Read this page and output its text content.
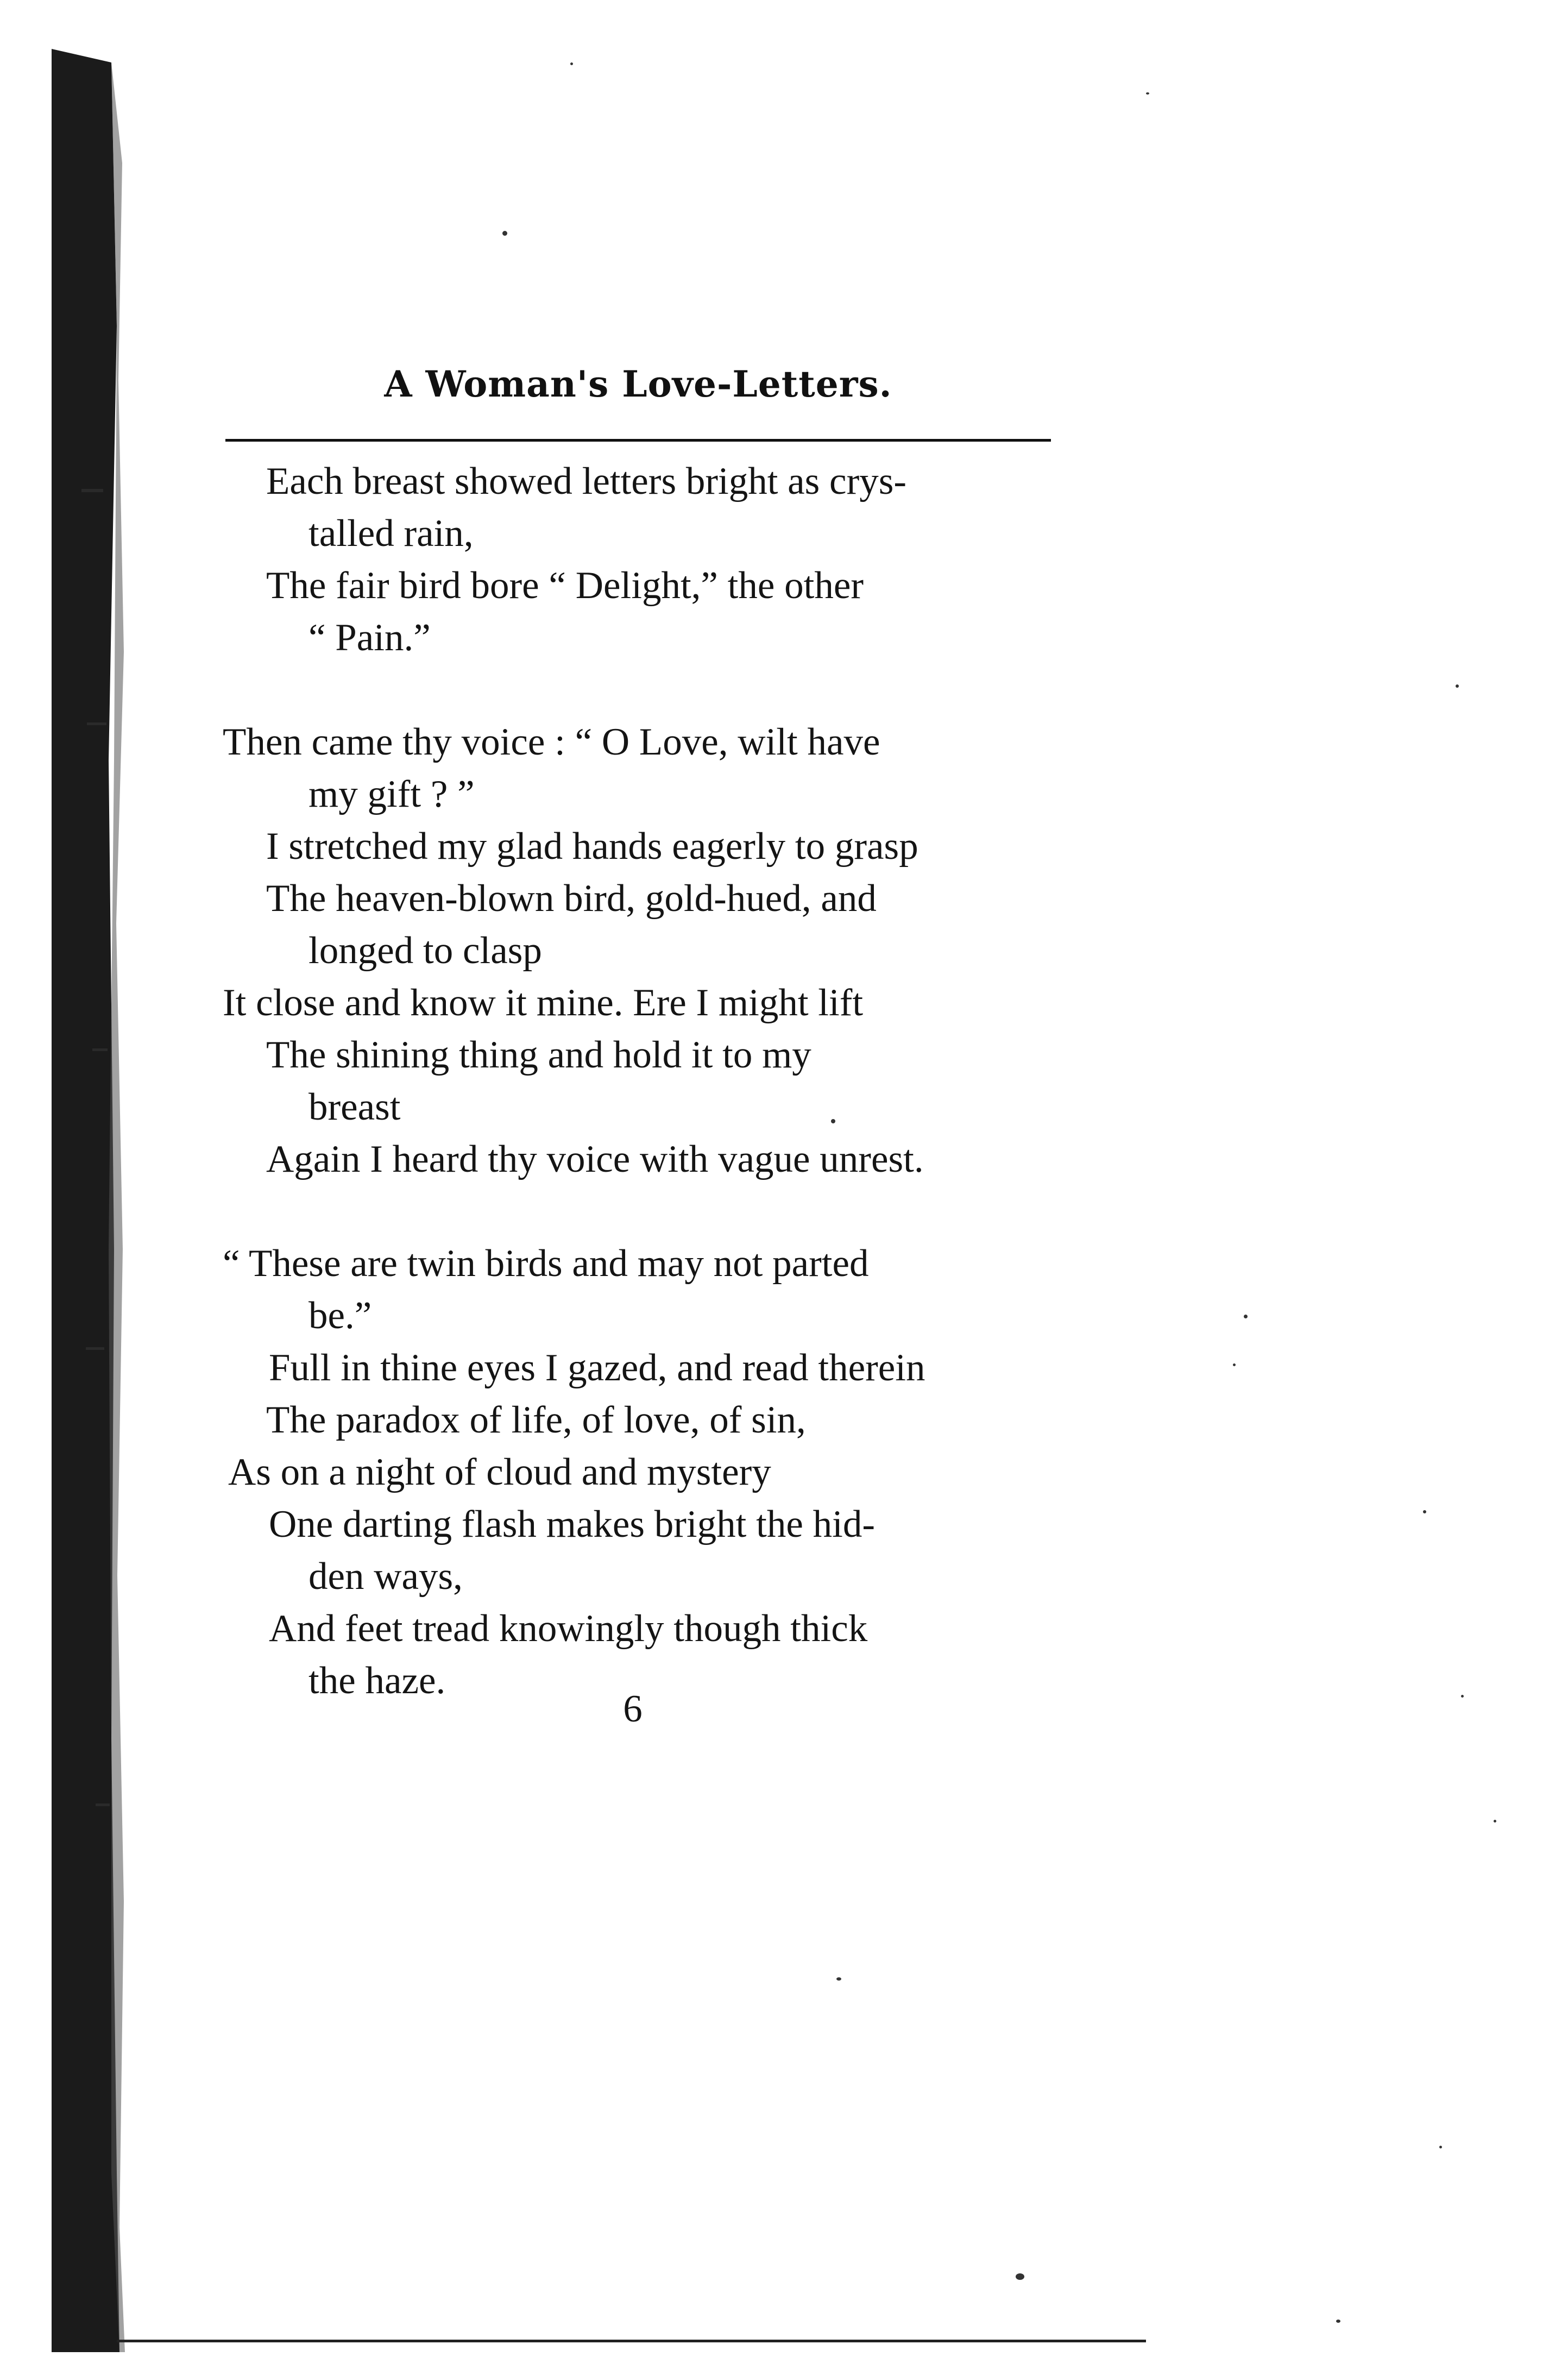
A Woman's Love-Letters.
Each breast showed letters bright as crys-
talled rain,
The fair bird bore “ Delight,” the other
“ Pain.”
Then came thy voice : “ O Love, wilt have
my gift ? ”
I stretched my glad hands eagerly to grasp
The heaven-blown bird, gold-hued, and
longed to clasp
It close and know it mine. Ere I might lift
The shining thing and hold it to my
breast
Again I heard thy voice with vague unrest.
“ These are twin birds and may not parted
be.”
Full in thine eyes I gazed, and read therein
The paradox of life, of love, of sin,
As on a night of cloud and mystery
One darting flash makes bright the hid-
den ways,
And feet tread knowingly though thick
the haze.
6
